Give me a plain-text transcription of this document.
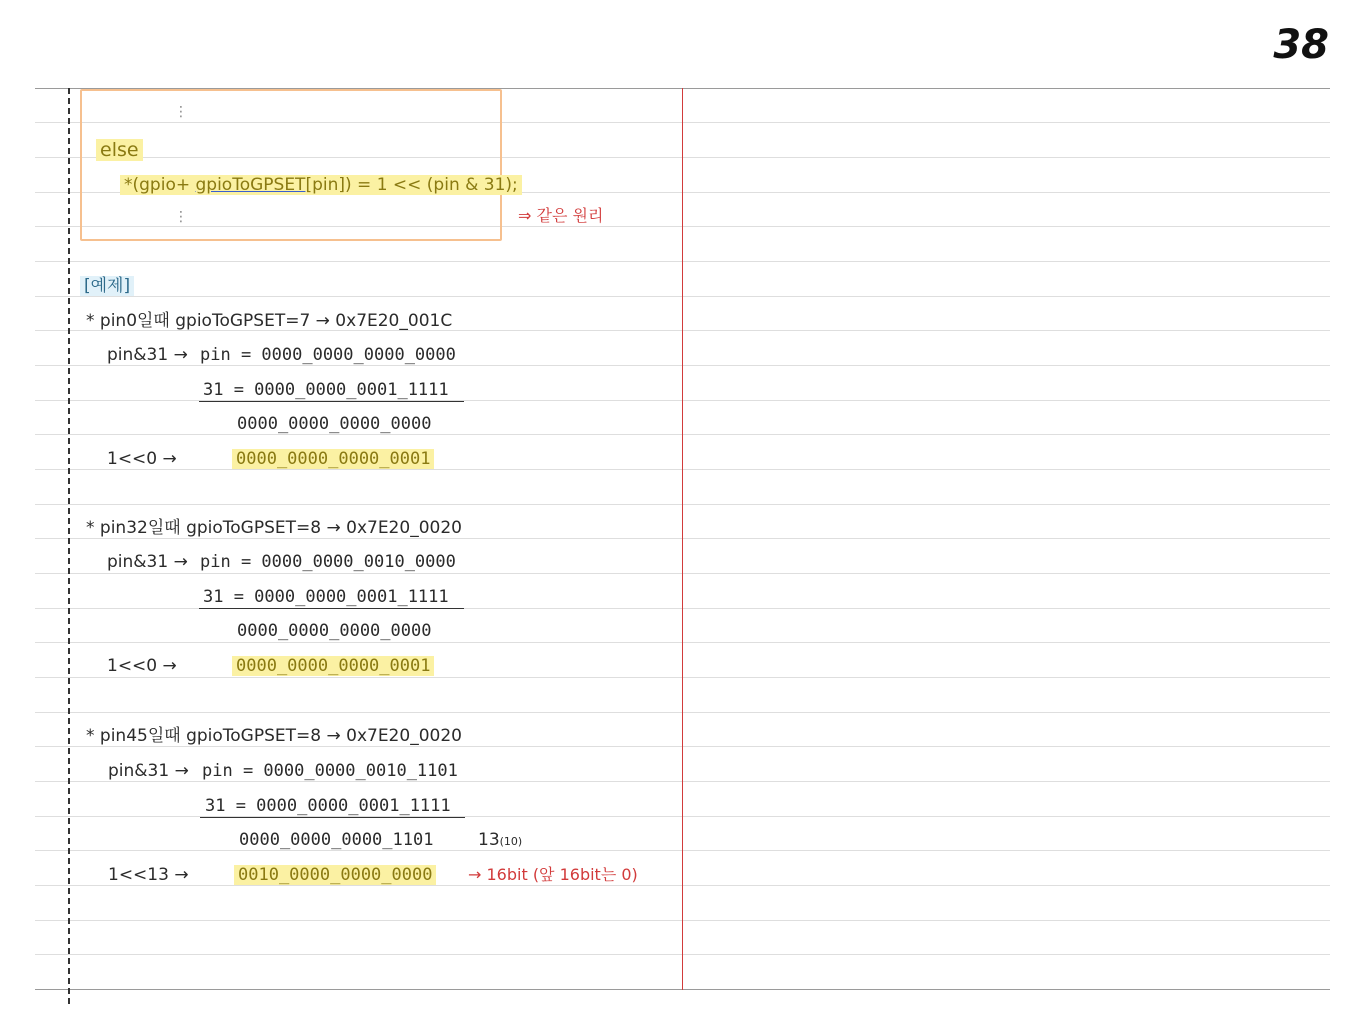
38
⋮
else
*(gpio+ gpioToGPSET[pin]) = 1 << (pin & 31);
⋮	⇒ 같은 원리
[예제]
* pin0일때 gpioToGPSET=7 → 0x7E20_001C
pin&31 → pin = 0000_0000_0000_0000
31 = 0000_0000_0001_1111
0000_0000_0000_0000
1<<0 →	0000_0000_0000_0001
* pin32일때 gpioToGPSET=8 → 0x7E20_0020
pin&31 → pin = 0000_0000_0010_0000
31 = 0000_0000_0001_1111
0000_0000_0000_0000
1<<0 →	0000_0000_0000_0001
* pin45일때 gpioToGPSET=8 → 0x7E20_0020
pin&31 → pin = 0000_0000_0010_1101
31 = 0000_0000_0001_1111
0000_0000_0000_1101	13(10)
1<<13 →	0010_0000_0000_0000 → 16bit (앞 16bit는 0)
